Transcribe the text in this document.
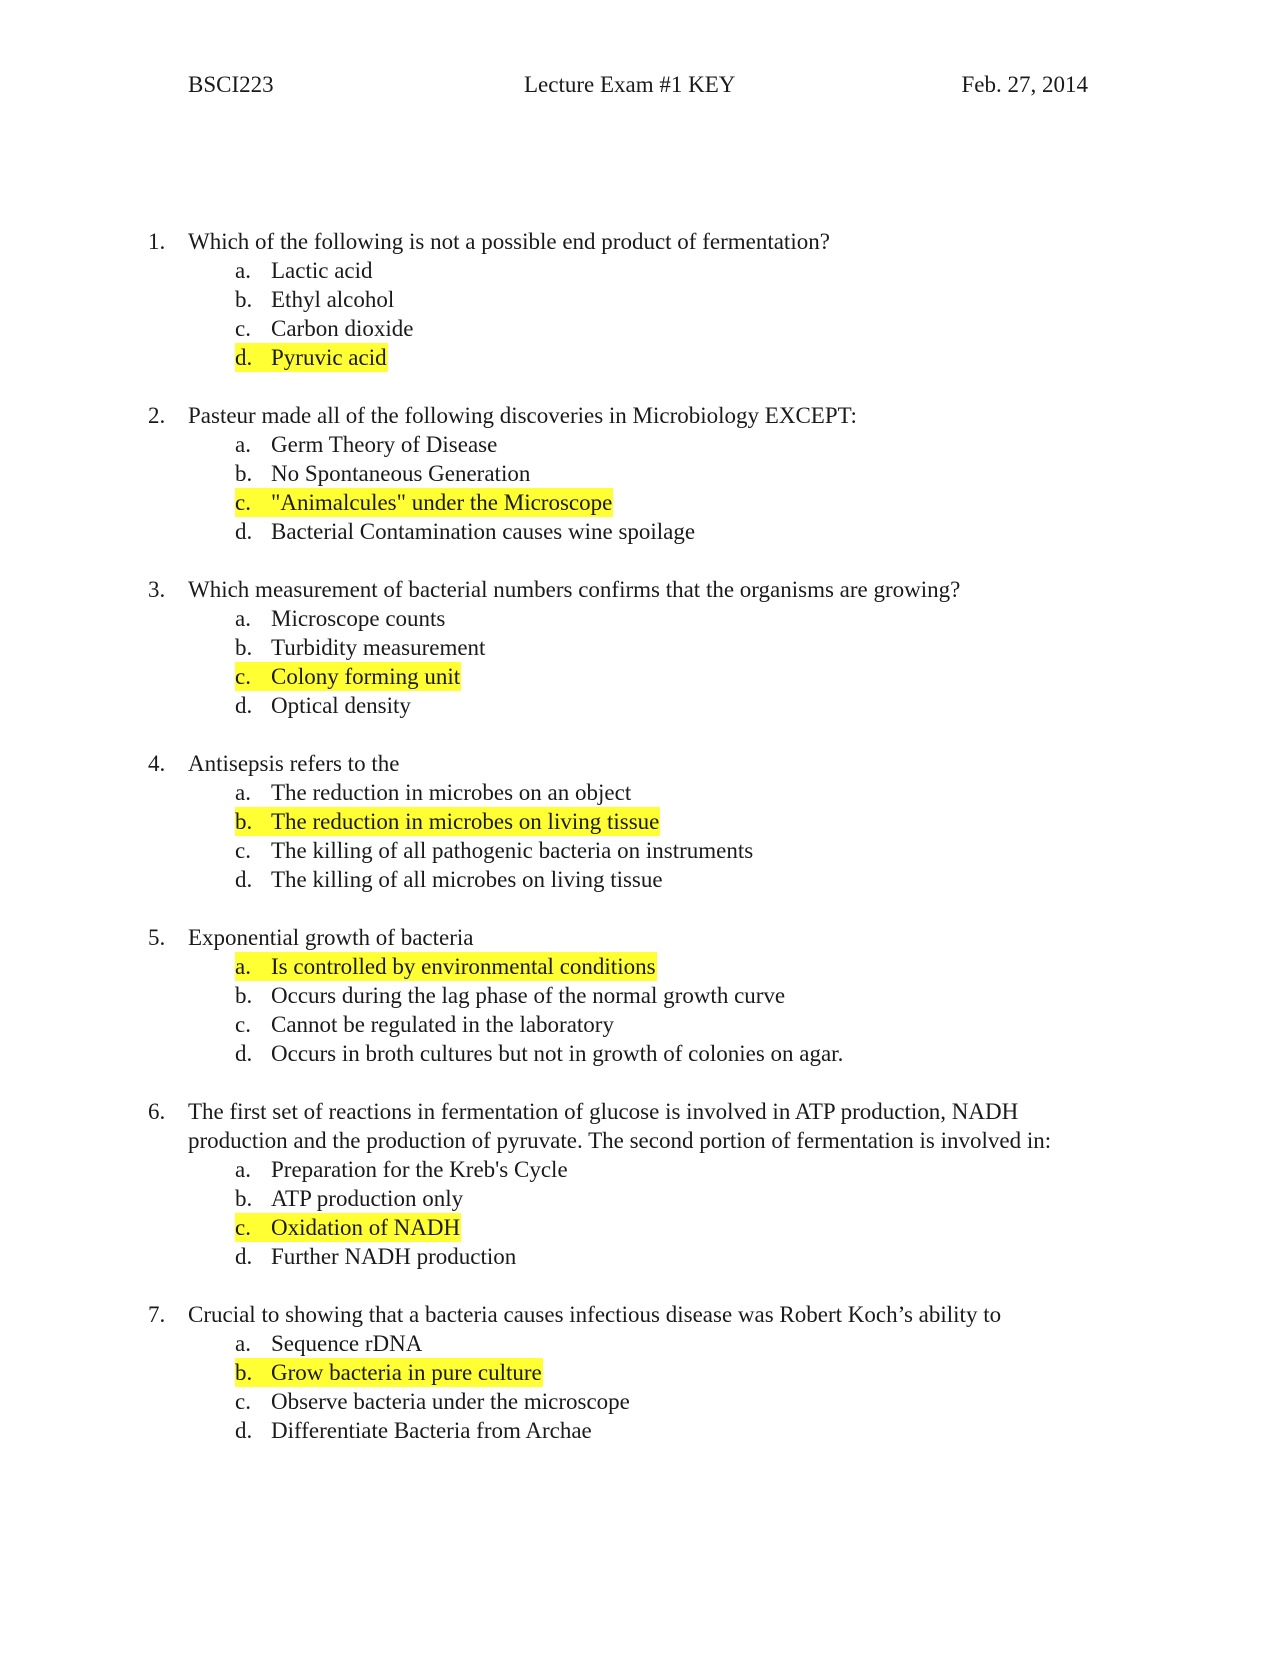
BSCI223	Lecture Exam #1 KEY	Feb. 27, 2014
1. Which of the following is not a possible end product of fermentation?
a. Lactic acid
b. Ethyl alcohol
c. Carbon dioxide
d. Pyruvic acid
2. Pasteur made all of the following discoveries in Microbiology EXCEPT:
a. Germ Theory of Disease
b. No Spontaneous Generation
c. "Animalcules" under the Microscope
d. Bacterial Contamination causes wine spoilage
3. Which measurement of bacterial numbers confirms that the organisms are growing?
a. Microscope counts
b. Turbidity measurement
c. Colony forming unit
d. Optical density
4. Antisepsis refers to the
a. The reduction in microbes on an object
b. The reduction in microbes on living tissue
c. The killing of all pathogenic bacteria on instruments
d. The killing of all microbes on living tissue
5. Exponential growth of bacteria
a. Is controlled by environmental conditions
b. Occurs during the lag phase of the normal growth curve
c. Cannot be regulated in the laboratory
d. Occurs in broth cultures but not in growth of colonies on agar.
6. The first set of reactions in fermentation of glucose is involved in ATP production, NADH production and the production of pyruvate. The second portion of fermentation is involved in:
a. Preparation for the Kreb's Cycle
b. ATP production only
c. Oxidation of NADH
d. Further NADH production
7. Crucial to showing that a bacteria causes infectious disease was Robert Koch’s ability to
a. Sequence rDNA
b. Grow bacteria in pure culture
c. Observe bacteria under the microscope
d. Differentiate Bacteria from Archae
